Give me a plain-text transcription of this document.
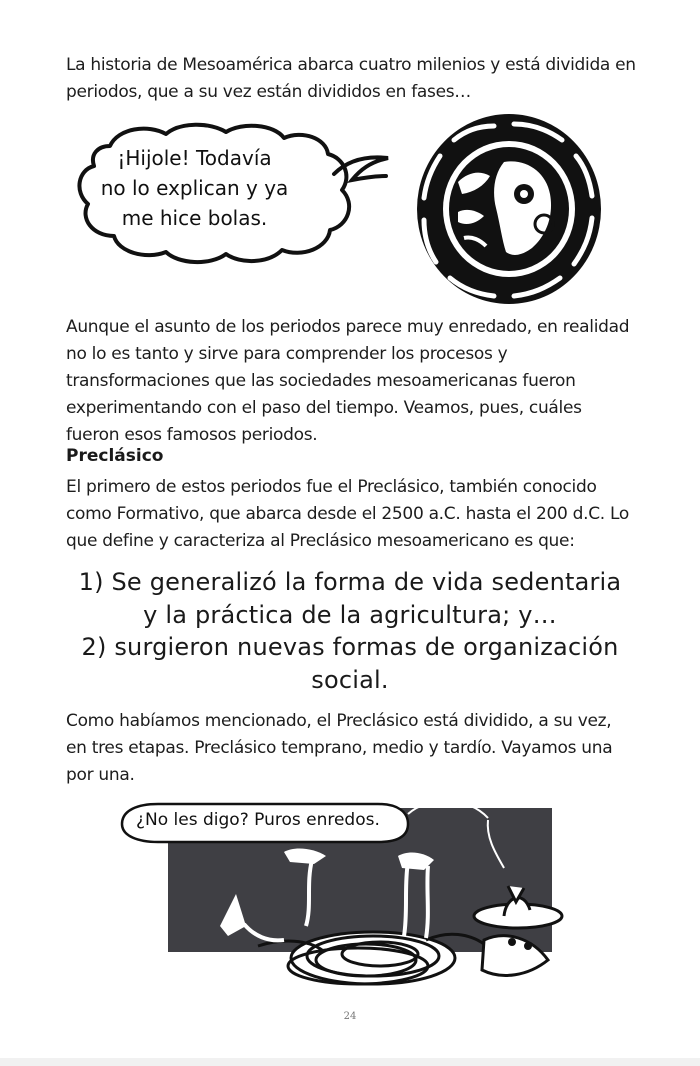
La historia de Mesoamérica abarca cuatro milenios y está dividida en periodos, que a su vez están divididos en fases…

¡Hijole! Todavía
no lo explican y ya
me hice bolas.

Aunque el asunto de los periodos parece muy enredado, en realidad no lo es tanto y sirve para comprender los procesos y transformaciones que las sociedades mesoamericanas fueron experimentando con el paso del tiempo. Veamos, pues, cuáles fueron esos famosos periodos.

Preclásico

El primero de estos periodos fue el Preclásico, también conocido como Formativo, que abarca desde el 2500 a.C. hasta el 200 d.C. Lo que define y caracteriza al Preclásico mesoamericano es que:

1) Se generalizó la forma de vida sedentaria

y la práctica de la agricultura; y…

2) surgieron nuevas formas de organización

social.

Como habíamos mencionado, el Preclásico está dividido, a su vez, en tres etapas. Preclásico temprano, medio y tardío. Vayamos una por una.

¿No les digo? Puros enredos.
24
